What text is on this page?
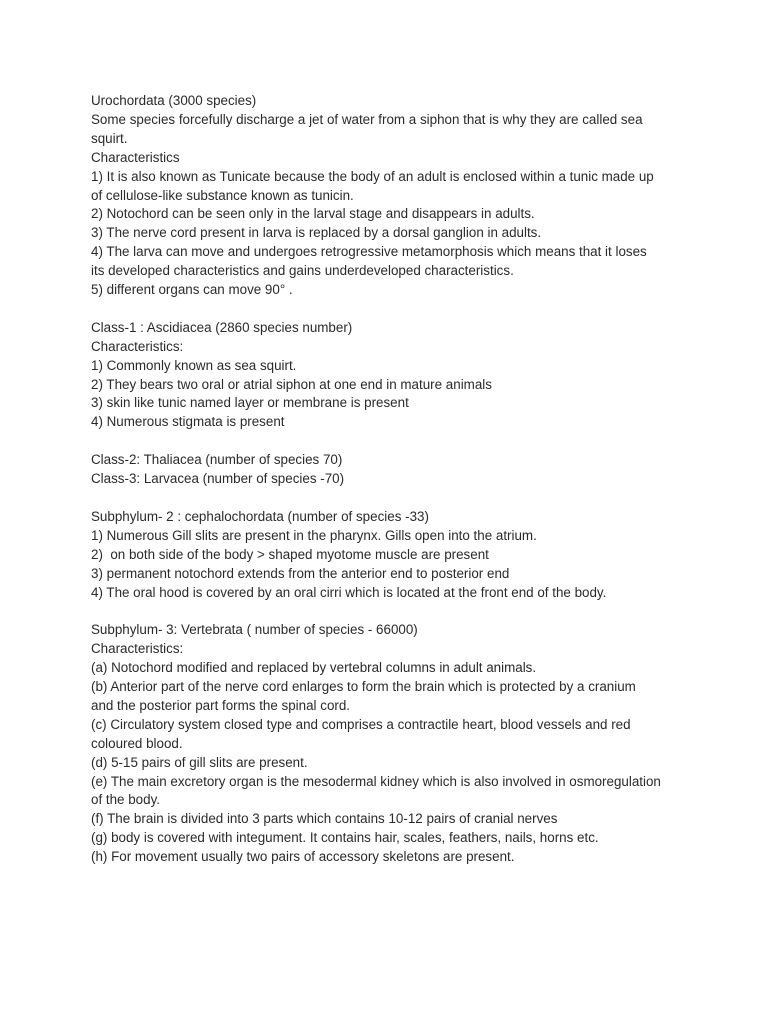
Urochordata (3000 species)
Some species forcefully discharge a jet of water from a siphon that is why they are called sea
squirt.
Characteristics
1) It is also known as Tunicate because the body of an adult is enclosed within a tunic made up
of cellulose-like substance known as tunicin.
2) Notochord can be seen only in the larval stage and disappears in adults.
3) The nerve cord present in larva is replaced by a dorsal ganglion in adults.
4) The larva can move and undergoes retrogressive metamorphosis which means that it loses
its developed characteristics and gains underdeveloped characteristics.
5) different organs can move 90° .
Class-1 : Ascidiacea (2860 species number)
Characteristics:
1) Commonly known as sea squirt.
2) They bears two oral or atrial siphon at one end in mature animals
3) skin like tunic named layer or membrane is present
4) Numerous stigmata is present
Class-2: Thaliacea (number of species 70)
Class-3: Larvacea (number of species -70)
Subphylum- 2 : cephalochordata (number of species -33)
1) Numerous Gill slits are present in the pharynx. Gills open into the atrium.
2)  on both side of the body > shaped myotome muscle are present
3) permanent notochord extends from the anterior end to posterior end
4) The oral hood is covered by an oral cirri which is located at the front end of the body.
Subphylum- 3: Vertebrata ( number of species - 66000)
Characteristics:
(a) Notochord modified and replaced by vertebral columns in adult animals.
(b) Anterior part of the nerve cord enlarges to form the brain which is protected by a cranium
and the posterior part forms the spinal cord.
(c) Circulatory system closed type and comprises a contractile heart, blood vessels and red
coloured blood.
(d) 5-15 pairs of gill slits are present.
(e) The main excretory organ is the mesodermal kidney which is also involved in osmoregulation
of the body.
(f) The brain is divided into 3 parts which contains 10-12 pairs of cranial nerves
(g) body is covered with integument. It contains hair, scales, feathers, nails, horns etc.
(h) For movement usually two pairs of accessory skeletons are present.
